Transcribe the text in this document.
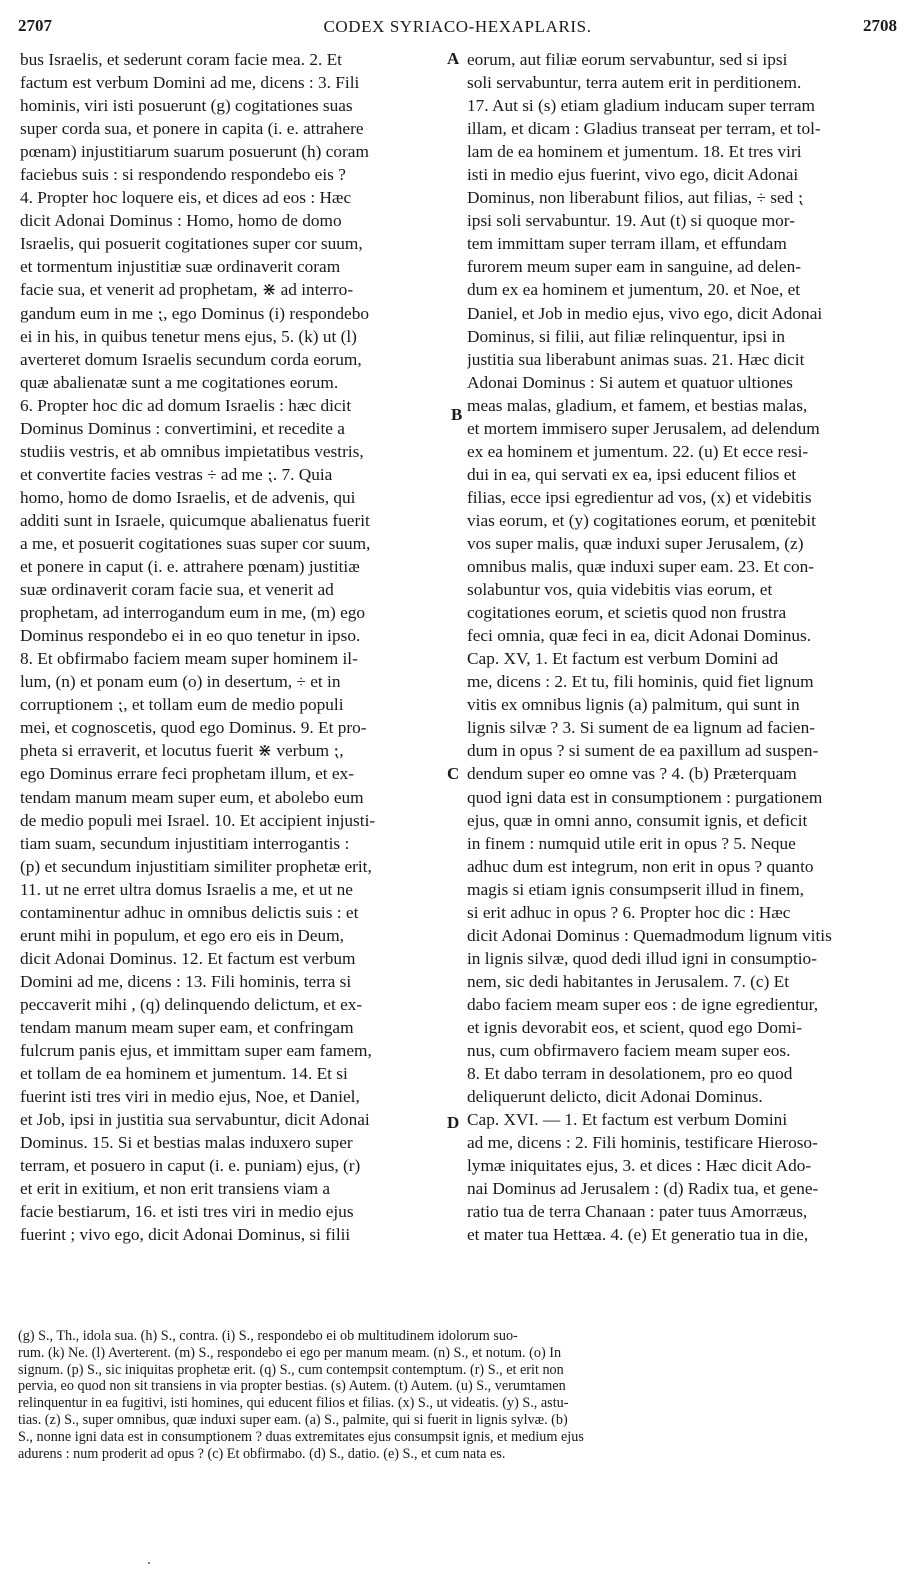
2707	CODEX SYRIACO-HEXAPLARIS.	2708
bus Israelis, et sederunt coram facie mea. 2. Et
factum est verbum Domini ad me, dicens : 3. Fili
hominis, viri isti posuerunt (g) cogitationes suas
super corda sua, et ponere in capita (i. e. attrahere
pœnam) injustitiarum suarum posuerunt (h) coram
faciebus suis : si respondendo respondebo eis ?
4. Propter hoc loquere eis, et dices ad eos : Hæc
dicit Adonai Dominus : Homo, homo de domo
Israelis, qui posuerit cogitationes super cor suum,
et tormentum injustitiæ suæ ordinaverit coram
facie sua, et venerit ad prophetam, ⋇ ad interro-
gandum eum in me ⁏, ego Dominus (i) respondebo
ei in his, in quibus tenetur mens ejus, 5. (k) ut (l)
averteret domum Israelis secundum corda eorum,
quæ abalienatæ sunt a me cogitationes eorum.
6. Propter hoc dic ad domum Israelis : hæc dicit
Dominus Dominus : convertimini, et recedite a
studiis vestris, et ab omnibus impietatibus vestris,
et convertite facies vestras ÷ ad me ⁏. 7. Quia
homo, homo de domo Israelis, et de advenis, qui
additi sunt in Israele, quicumque abalienatus fuerit
a me, et posuerit cogitationes suas super cor suum,
et ponere in caput (i. e. attrahere pœnam) justitiæ
suæ ordinaverit coram facie sua, et venerit ad
prophetam, ad interrogandum eum in me, (m) ego
Dominus respondebo ei in eo quo tenetur in ipso.
8. Et obfirmabo faciem meam super hominem il-
lum, (n) et ponam eum (o) in desertum, ÷ et in
corruptionem ⁏, et tollam eum de medio populi
mei, et cognoscetis, quod ego Dominus. 9. Et pro-
pheta si erraverit, et locutus fuerit ⋇ verbum ⁏,
ego Dominus errare feci prophetam illum, et ex-
tendam manum meam super eum, et abolebo eum
de medio populi mei Israel. 10. Et accipient injusti-
tiam suam, secundum injustitiam interrogantis :
(p) et secundum injustitiam similiter prophetæ erit,
11. ut ne erret ultra domus Israelis a me, et ut ne
contaminentur adhuc in omnibus delictis suis : et
erunt mihi in populum, et ego ero eis in Deum,
dicit Adonai Dominus. 12. Et factum est verbum
Domini ad me, dicens : 13. Fili hominis, terra si
peccaverit mihi , (q) delinquendo delictum, et ex-
tendam manum meam super eam, et confringam
fulcrum panis ejus, et immittam super eam famem,
et tollam de ea hominem et jumentum. 14. Et si
fuerint isti tres viri in medio ejus, Noe, et Daniel,
et Job, ipsi in justitia sua servabuntur, dicit Adonai
Dominus. 15. Si et bestias malas induxero super
terram, et posuero in caput (i. e. puniam) ejus, (r)
et erit in exitium, et non erit transiens viam a
facie bestiarum, 16. et isti tres viri in medio ejus
fuerint ; vivo ego, dicit Adonai Dominus, si filii
eorum, aut filiæ eorum servabuntur, sed si ipsi
soli servabuntur, terra autem erit in perditionem.
17. Aut si (s) etiam gladium inducam super terram
illam, et dicam : Gladius transeat per terram, et tol-
lam de ea hominem et jumentum. 18. Et tres viri
isti in medio ejus fuerint, vivo ego, dicit Adonai
Dominus, non liberabunt filios, aut filias, ÷ sed ⁏
ipsi soli servabuntur. 19. Aut (t) si quoque mor-
tem immittam super terram illam, et effundam
furorem meum super eam in sanguine, ad delen-
dum ex ea hominem et jumentum, 20. et Noe, et
Daniel, et Job in medio ejus, vivo ego, dicit Adonai
Dominus, si filii, aut filiæ relinquentur, ipsi in
justitia sua liberabunt animas suas. 21. Hæc dicit
Adonai Dominus : Si autem et quatuor ultiones
meas malas, gladium, et famem, et bestias malas,
et mortem immisero super Jerusalem, ad delendum
ex ea hominem et jumentum. 22. (u) Et ecce resi-
dui in ea, qui servati ex ea, ipsi educent filios et
filias, ecce ipsi egredientur ad vos, (x) et videbitis
vias eorum, et (y) cogitationes eorum, et pœnitebit
vos super malis, quæ induxi super Jerusalem, (z)
omnibus malis, quæ induxi super eam. 23. Et con-
solabuntur vos, quia videbitis vias eorum, et
cogitationes eorum, et scietis quod non frustra
feci omnia, quæ feci in ea, dicit Adonai Dominus.
Cap. XV, 1. Et factum est verbum Domini ad
me, dicens : 2. Et tu, fili hominis, quid fiet lignum
vitis ex omnibus lignis (a) palmitum, qui sunt in
lignis silvæ ? 3. Si sument de ea lignum ad facien-
dum in opus ? si sument de ea paxillum ad suspen-
dendum super eo omne vas ? 4. (b) Præterquam
quod igni data est in consumptionem : purgationem
ejus, quæ in omni anno, consumit ignis, et deficit
in finem : numquid utile erit in opus ? 5. Neque
adhuc dum est integrum, non erit in opus ? quanto
magis si etiam ignis consumpserit illud in finem,
si erit adhuc in opus ? 6. Propter hoc dic : Hæc
dicit Adonai Dominus : Quemadmodum lignum vitis
in lignis silvæ, quod dedi illud igni in consumptio-
nem, sic dedi habitantes in Jerusalem. 7. (c) Et
dabo faciem meam super eos : de igne egredientur,
et ignis devorabit eos, et scient, quod ego Domi-
nus, cum obfirmavero faciem meam super eos.
8. Et dabo terram in desolationem, pro eo quod
deliquerunt delicto, dicit Adonai Dominus.
Cap. XVI. — 1. Et factum est verbum Domini
ad me, dicens : 2. Fili hominis, testificare Hieroso-
lymæ iniquitates ejus, 3. et dices : Hæc dicit Ado-
nai Dominus ad Jerusalem : (d) Radix tua, et gene-
ratio tua de terra Chanaan : pater tuus Amorræus,
et mater tua Hettæa. 4. (e) Et generatio tua in die,
A
B
C
D
(g) S., Th., idola sua. (h) S., contra. (i) S., respondebo ei ob multitudinem idolorum suo-
rum. (k) Ne. (l) Averterent. (m) S., respondebo ei ego per manum meam. (n) S., et notum. (o) In
signum. (p) S., sic iniquitas prophetæ erit. (q) S., cum contempsit contemptum. (r) S., et erit non
pervia, eo quod non sit transiens in via propter bestias. (s) Autem. (t) Autem. (u) S., verumtamen
relinquentur in ea fugitivi, isti homines, qui educent filios et filias. (x) S., ut videatis. (y) S., astu-
tias. (z) S., super omnibus, quæ induxi super eam. (a) S., palmite, qui si fuerit in lignis sylvæ. (b)
S., nonne igni data est in consumptionem ? duas extremitates ejus consumpsit ignis, et medium ejus
adurens : num proderit ad opus ? (c) Et obfirmabo. (d) S., datio. (e) S., et cum nata es.
